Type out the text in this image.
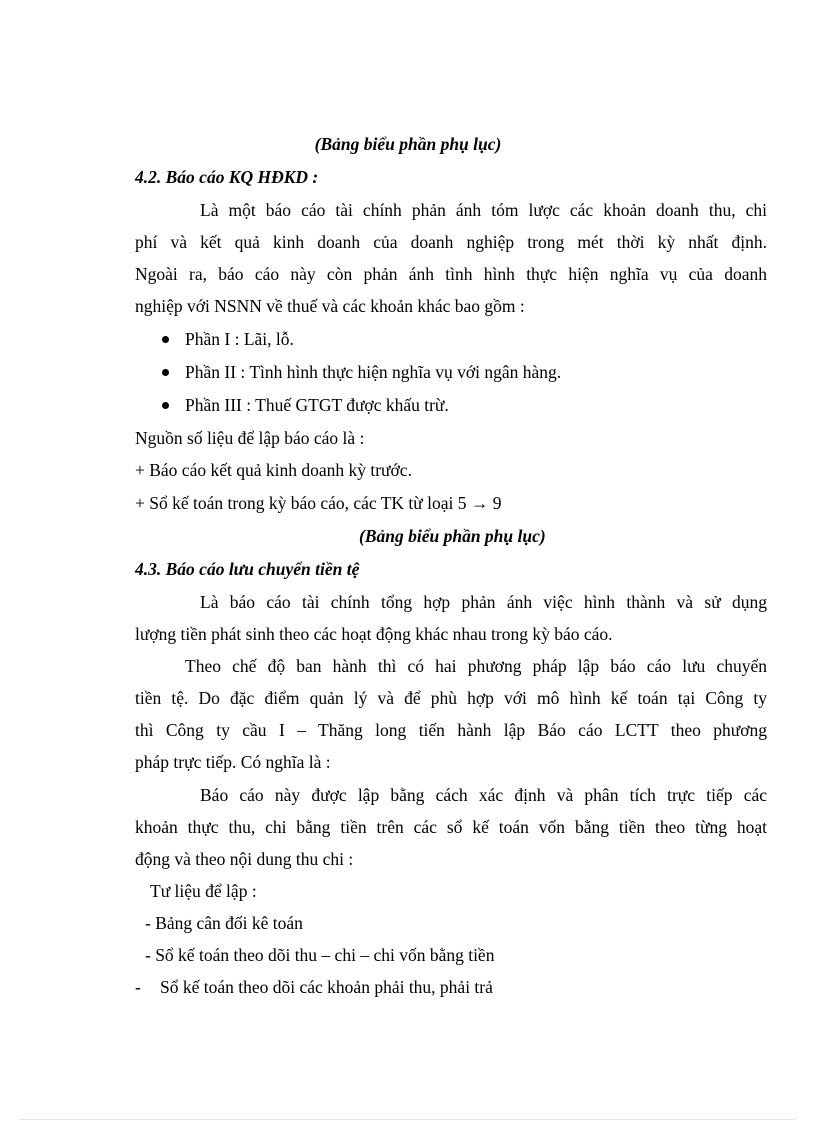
(Bảng biểu phần phụ lục)
4.2. Báo cáo KQ HĐKD :
Là một báo cáo tài chính phản ánh tóm lược các khoản doanh thu, chi
phí và kết quả kinh doanh của doanh nghiệp trong mét thời kỳ nhất định.
Ngoài ra, báo cáo này còn phản ánh tình hình thực hiện nghĩa vụ của doanh
nghiệp với NSNN về thuế và các khoản khác bao gồm :
Phần I : Lãi, lỗ.
Phần II : Tình hình thực hiện nghĩa vụ với ngân hàng.
Phần III : Thuế GTGT được khấu trừ.
Nguồn số liệu để lập báo cáo là :
+ Báo cáo kết quả kinh doanh kỳ trước.
+ Sổ kế toán trong kỳ báo cáo, các TK từ loại 5 → 9
(Bảng biểu phần phụ lục)
4.3. Báo cáo lưu chuyển tiền tệ
Là báo cáo tài chính tổng hợp phản ánh việc hình thành và sử dụng
lượng tiền phát sinh theo các hoạt động khác nhau trong kỳ báo cáo.
Theo chế độ ban hành thì có hai phương pháp lập báo cáo lưu chuyển
tiền tệ. Do đặc điểm quản lý và để phù hợp với mô hình kế toán tại Công ty
thì Công ty cầu I – Thăng long tiến hành lập Báo cáo LCTT theo phương
pháp trực tiếp. Có nghĩa là :
Báo cáo này được lập bằng cách xác định và phân tích trực tiếp các
khoản thực thu, chi bằng tiền trên các sổ kế toán vốn bằng tiền theo từng hoạt
động và theo nội dung thu chi :
Tư liệu để lập :
- Bảng cân đối kê toán
- Sổ kế toán theo dõi thu – chi – chi vốn bằng tiền
- Sổ kế toán theo dõi các khoản phải thu, phải trả
